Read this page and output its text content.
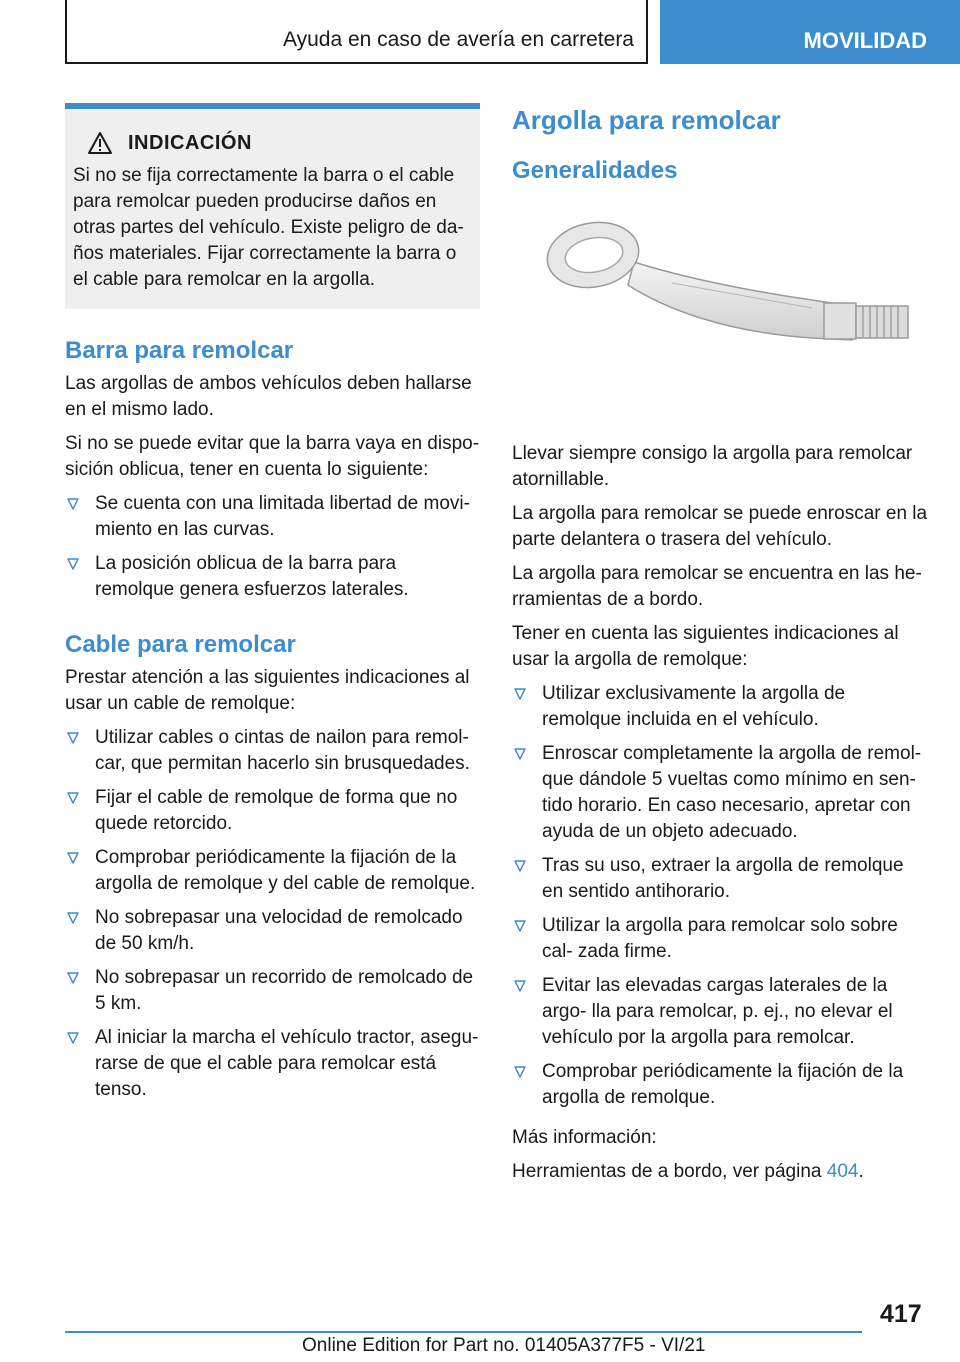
Ayuda en caso de avería en carretera	MOVILIDAD
INDICACIÓN
Si no se fija correctamente la barra o el cable para remolcar pueden producirse daños en otras partes del vehículo. Existe peligro de da‐ ños materiales. Fijar correctamente la barra o el cable para remolcar en la argolla.
Barra para remolcar

Las argollas de ambos vehículos deben hallarse en el mismo lado.

Si no se puede evitar que la barra vaya en dispo‐ sición oblicua, tener en cuenta lo siguiente:

Se cuenta con una limitada libertad de movi‐ miento en las curvas.
La posición oblicua de la barra para remolque genera esfuerzos laterales.
Cable para remolcar

Prestar atención a las siguientes indicaciones al usar un cable de remolque:

Utilizar cables o cintas de nailon para remol‐ car, que permitan hacerlo sin brusquedades.
Fijar el cable de remolque de forma que no quede retorcido.
Comprobar periódicamente la fijación de la argolla de remolque y del cable de remolque.
No sobrepasar una velocidad de remolcado de 50 km/h.
No sobrepasar un recorrido de remolcado de 5 km.
Al iniciar la marcha el vehículo tractor, asegu‐ rarse de que el cable para remolcar está tenso.
Argolla para remolcar
Generalidades

Llevar siempre consigo la argolla para remolcar atornillable.

La argolla para remolcar se puede enroscar en la parte delantera o trasera del vehículo.

La argolla para remolcar se encuentra en las he‐ rramientas de a bordo.

Tener en cuenta las siguientes indicaciones al usar la argolla de remolque:

Utilizar exclusivamente la argolla de remolque incluida en el vehículo.
Enroscar completamente la argolla de remol‐ que dándole 5 vueltas como mínimo en sen‐ tido horario. En caso necesario, apretar con ayuda de un objeto adecuado.
Tras su uso, extraer la argolla de remolque en sentido antihorario.
Utilizar la argolla para remolcar solo sobre cal‐ zada firme.
Evitar las elevadas cargas laterales de la argo‐ lla para remolcar, p. ej., no elevar el vehículo por la argolla para remolcar.
Comprobar periódicamente la fijación de la argolla de remolque.

Más información:

Herramientas de a bordo, ver página 404.

417
Online Edition for Part no. 01405A377F5 - VI/21
